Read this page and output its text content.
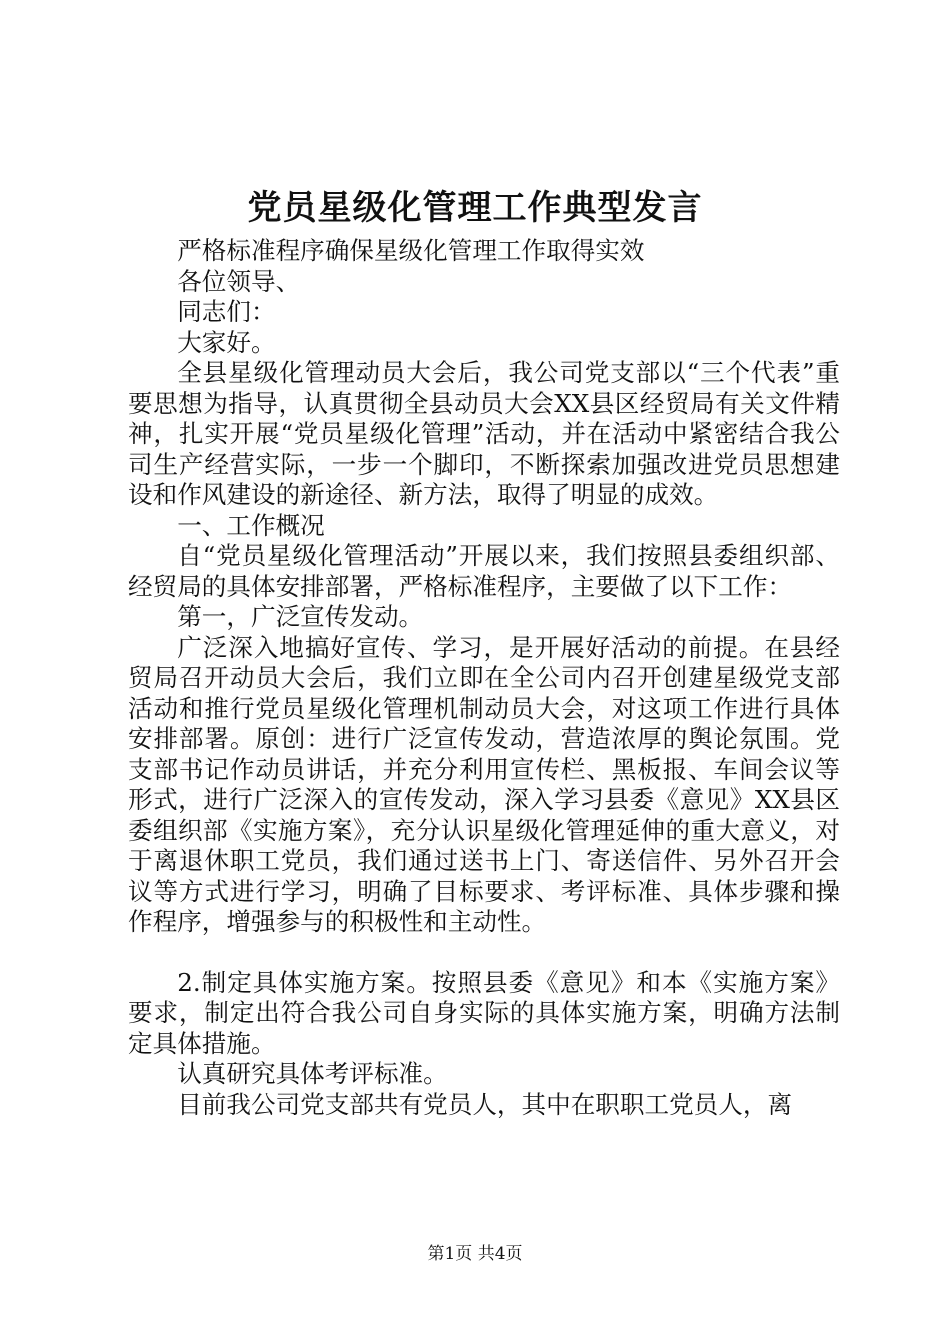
党员星级化管理工作典型发言

严格标准程序确保星级化管理工作取得实效

各位领导、

同志们：

大家好。

全县星级化管理动员大会后，我公司党支部以“三个代表”重要思想为指导，认真贯彻全县动员大会XX县区经贸局有关文件精神，扎实开展“党员星级化管理”活动，并在活动中紧密结合我公司生产经营实际，一步一个脚印，不断探索加强改进党员思想建设和作风建设的新途径、新方法，取得了明显的成效。

一、工作概况

自“党员星级化管理活动”开展以来，我们按照县委组织部、经贸局的具体安排部署，严格标准程序，主要做了以下工作：

第一，广泛宣传发动。

广泛深入地搞好宣传、学习，是开展好活动的前提。在县经贸局召开动员大会后，我们立即在全公司内召开创建星级党支部活动和推行党员星级化管理机制动员大会，对这项工作进行具体安排部署。原创：进行广泛宣传发动，营造浓厚的舆论氛围。党支部书记作动员讲话，并充分利用宣传栏、黑板报、车间会议等形式，进行广泛深入的宣传发动，深入学习县委《意见》XX县区委组织部《实施方案》，充分认识星级化管理延伸的重大意义，对于离退休职工党员，我们通过送书上门、寄送信件、另外召开会议等方式进行学习，明确了目标要求、考评标准、具体步骤和操作程序，增强参与的积极性和主动性。

2.制定具体实施方案。按照县委《意见》和本《实施方案》要求，制定出符合我公司自身实际的具体实施方案，明确方法制定具体措施。

认真研究具体考评标准。

目前我公司党支部共有党员人，其中在职职工党员人，离

第1页 共4页
